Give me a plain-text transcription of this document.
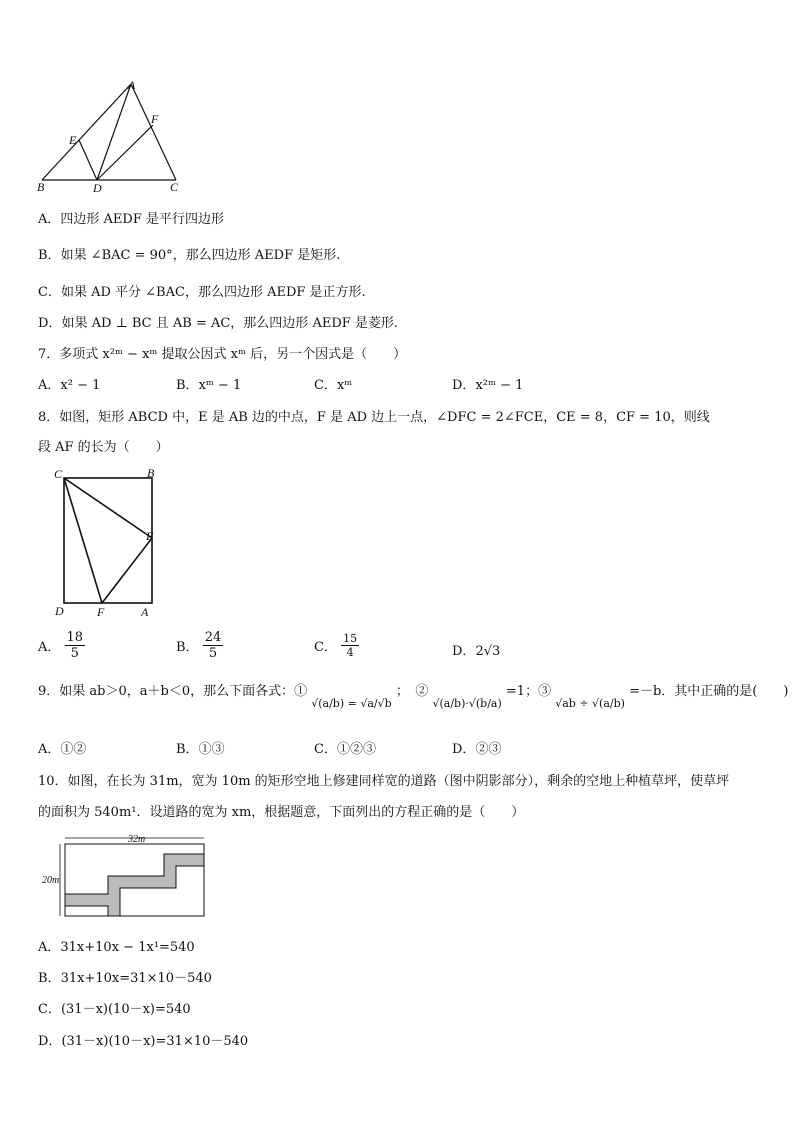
A
F
E
B	D	C
A．四边形 AEDF 是平行四边形
B．如果 ∠BAC = 90°，那么四边形 AEDF 是矩形.
C．如果 AD 平分 ∠BAC，那么四边形 AEDF 是正方形.
D．如果 AD ⊥ BC 且 AB = AC，那么四边形 AEDF 是菱形.
7．多项式 x²ᵐ − xᵐ 提取公因式 xᵐ 后，另一个因式是（　　）
A．x² − 1	B．xᵐ − 1	C．xᵐ	D．x²ᵐ − 1
8．如图，矩形 ABCD 中，E 是 AB 边的中点，F 是 AD 边上一点，∠DFC = 2∠FCE，CE = 8，CF = 10，则线
段 AF 的长为（　　）
C	B
E
D	F	A
A． $\frac{18}{5}$	B． $\frac{24}{5}$	C． $\frac{15}{4}$	D．2√3
9．如果 ab＞0，a＋b＜0，那么下面各式：① $_{√(a/b) = √a/√b}$ ；　② $_{√(a/b)\cdot√(b/a)}$ =1；③ $_{√ab \div √(a/b)}$ =－b．其中正确的是(　　)
A．①②	B．①③	C．①②③	D．②③
10．如图，在长为 31m，宽为 10m 的矩形空地上修建同样宽的道路（图中阴影部分），剩余的空地上种植草坪，使草坪
的面积为 540m¹．设道路的宽为 xm，根据题意，下面列出的方程正确的是（　　）
32m
20m
A．31x+10x − 1x¹=540
B．31x+10x=31×10－540
C．(31－x)(10－x)=540
D．(31－x)(10－x)=31×10－540
